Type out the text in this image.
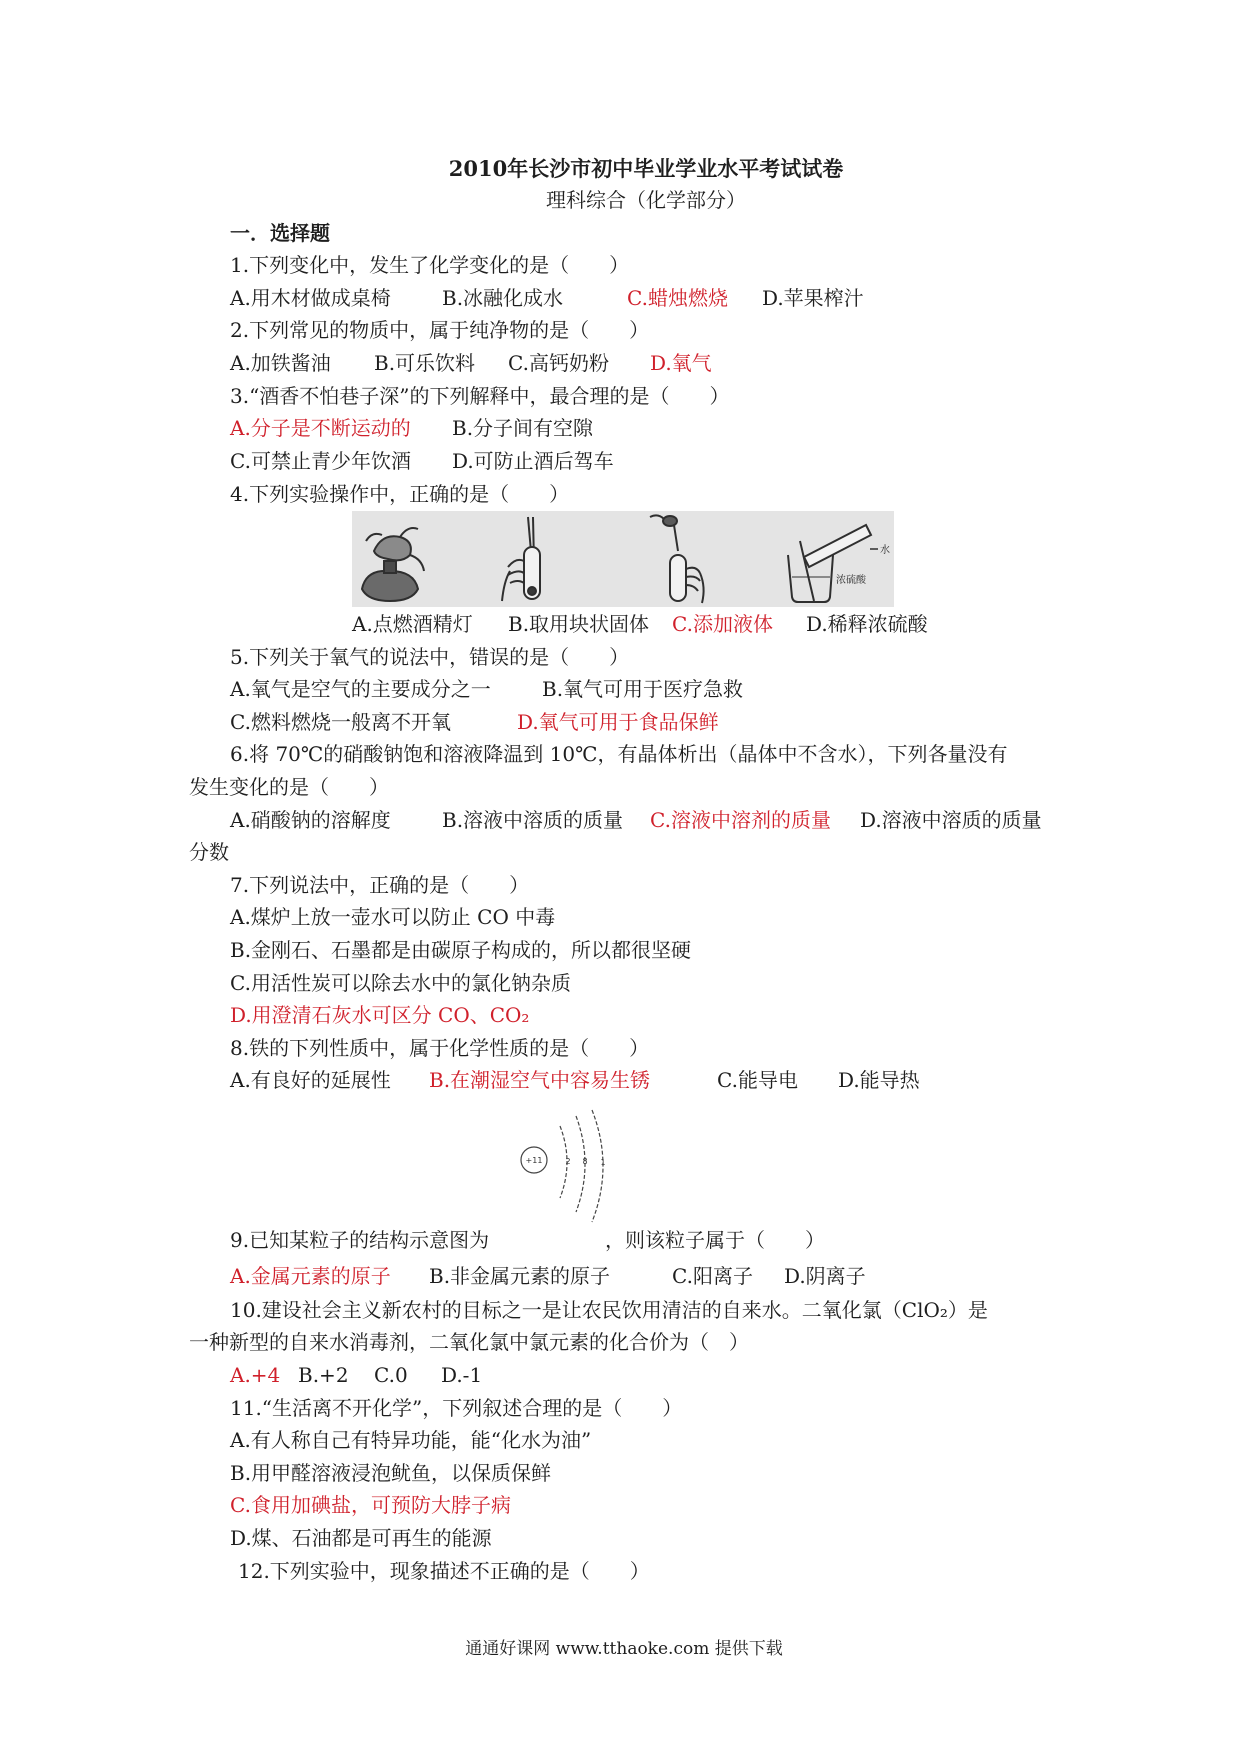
2010年长沙市初中毕业学业水平考试试卷
理科综合（化学部分）
一．选择题
1.下列变化中，发生了化学变化的是（　　）
A.用木材做成桌椅	B.冰融化成水	C.蜡烛燃烧 D.苹果榨汁
2.下列常见的物质中，属于纯净物的是（　　）
A.加铁酱油 B.可乐饮料 C.高钙奶粉 D.氧气
3.“酒香不怕巷子深”的下列解释中，最合理的是（　　）
A.分子是不断运动的 B.分子间有空隙
C.可禁止青少年饮酒 D.可防止酒后驾车
4.下列实验操作中，正确的是（　　）
水
浓硫酸
A.点燃酒精灯 B.取用块状固体 C.添加液体 D.稀释浓硫酸
5.下列关于氧气的说法中，错误的是（　　）
A.氧气是空气的主要成分之一	B.氧气可用于医疗急救
C.燃料燃烧一般离不开氧	D.氧气可用于食品保鲜
6.将 70℃的硝酸钠饱和溶液降温到 10℃，有晶体析出（晶体中不含水），下列各量没有
发生变化的是（　　）
A.硝酸钠的溶解度	B.溶液中溶质的质量 C.溶液中溶剂的质量 D.溶液中溶质的质量
分数
7.下列说法中，正确的是（　　）
A.煤炉上放一壶水可以防止 CO 中毒
B.金刚石、石墨都是由碳原子构成的，所以都很坚硬
C.用活性炭可以除去水中的氯化钠杂质
D.用澄清石灰水可区分 CO、CO₂
8.铁的下列性质中，属于化学性质的是（　　）
A.有良好的延展性 B.在潮湿空气中容易生锈	C.能导电 D.能导热
+11	2 8 1
9.已知某粒子的结构示意图为	，则该粒子属于（　　）
A.金属元素的原子 B.非金属元素的原子	C.阳离子 D.阴离子
10.建设社会主义新农村的目标之一是让农民饮用清洁的自来水。二氧化氯（ClO₂）是
一种新型的自来水消毒剂，二氧化氯中氯元素的化合价为（　）
A.+4 B.+2 C.0 D.-1
11.“生活离不开化学”，下列叙述合理的是（　　）
A.有人称自己有特异功能，能“化水为油”
B.用甲醛溶液浸泡鱿鱼，以保质保鲜
C.食用加碘盐，可预防大脖子病
D.煤、石油都是可再生的能源
12.下列实验中，现象描述不正确的是（　　）
通通好课网 www.tthaoke.com 提供下载
